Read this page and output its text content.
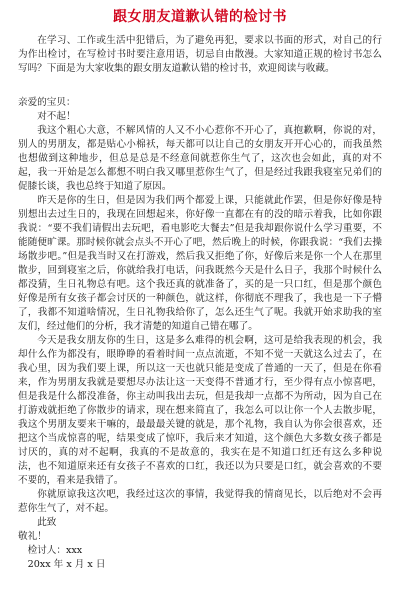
跟女朋友道歉认错的检讨书

在学习、工作或生活中犯错后，为了避免再犯，要求以书面的形式，对自己的行为作出检讨，在写检讨书时要注意用语，切忌自由散漫。大家知道正规的检讨书怎么写吗？下面是为大家收集的跟女朋友道歉认错的检讨书，欢迎阅读与收藏。

亲爱的宝贝：

对不起！

我这个粗心大意，不解风情的人又不小心惹你不开心了，真抱歉啊，你说的对，别人的男朋友，都是贴心小棉袄，每天都可以让自己的女朋友开开心心的，而我虽然也想做到这种地步，但总是总是不经意间就惹你生气了，这次也会如此，真的对不起，我一开始是怎么都想不明白我又哪里惹你生气了，但是经过我跟我寝室兄弟们的促膝长谈，我也总终于知道了原因。

昨天是你的生日，但是因为我们两个都爱上课，只能就此作罢，但是你好像是特别想出去过生日的，我现在回想起来，你好像一直都在有的没的暗示着我，比如你跟我说：“要不我们请假出去玩吧，看电影吃大餐去”但是我却跟你说什么学习重要，不能随便旷课。那时候你就会点头不开心了吧，然后晚上的时候，你跟我说：“我们去操场散步吧。”但是我当时又在打游戏，然后我又拒绝了你，好像后来是你一个人在那里散步，回到寝室之后，你就给我打电话，问我既然今天是什么日子，我那个时候什么都没猜，生日礼物总有吧。这个我还真的就准备了，买的是一只口红，但是那个颜色好像是所有女孩子都会讨厌的一种颜色，就这样，你彻底不理我了，我也是一下子懵了，我都不知道啥情况，生日礼物我给你了，怎么还生气了呢。我就开始求助我的室友们，经过他们的分析，我才清楚的知道自己错在哪了。

今天是我女朋友你的生日，这是多么难得的机会啊，这可是给我表现的机会，我却什么作为都没有，眼睁睁的看着时间一点点流逝，不知不觉一天就这么过去了，在我心里，因为我们要上课，所以这一天也就只能是变成了普通的一天了，但是在你看来，作为男朋友我就是要想尽办法让这一天变得不普通才行，至少得有点小惊喜吧，但是我是什么都没准备，你主动叫我出去玩，但是我却一点都不为所动，因为自己在打游戏就拒绝了你散步的请求，现在想来简直了，我怎么可以让你一个人去散步呢，我这个男朋友要来干嘛的，最最最关键的就是，那个礼物，我自认为你会很喜欢，还把这个当成惊喜的呢，结果变成了惊吓，我后来才知道，这个颜色大多数女孩子都是讨厌的，真的对不起啊，我真的不是故意的，我实在是不知道口红还有这么多种说法，也不知道原来还有女孩子不喜欢的口红，我还以为只要是口红，就会喜欢的不要不要的，看来是我错了。

你就原谅我这次吧，我经过这次的事情，我觉得我的情商见长，以后绝对不会再惹你生气了，对不起。

此致

敬礼！

检讨人：xxx

20xx 年 x 月 x 日
